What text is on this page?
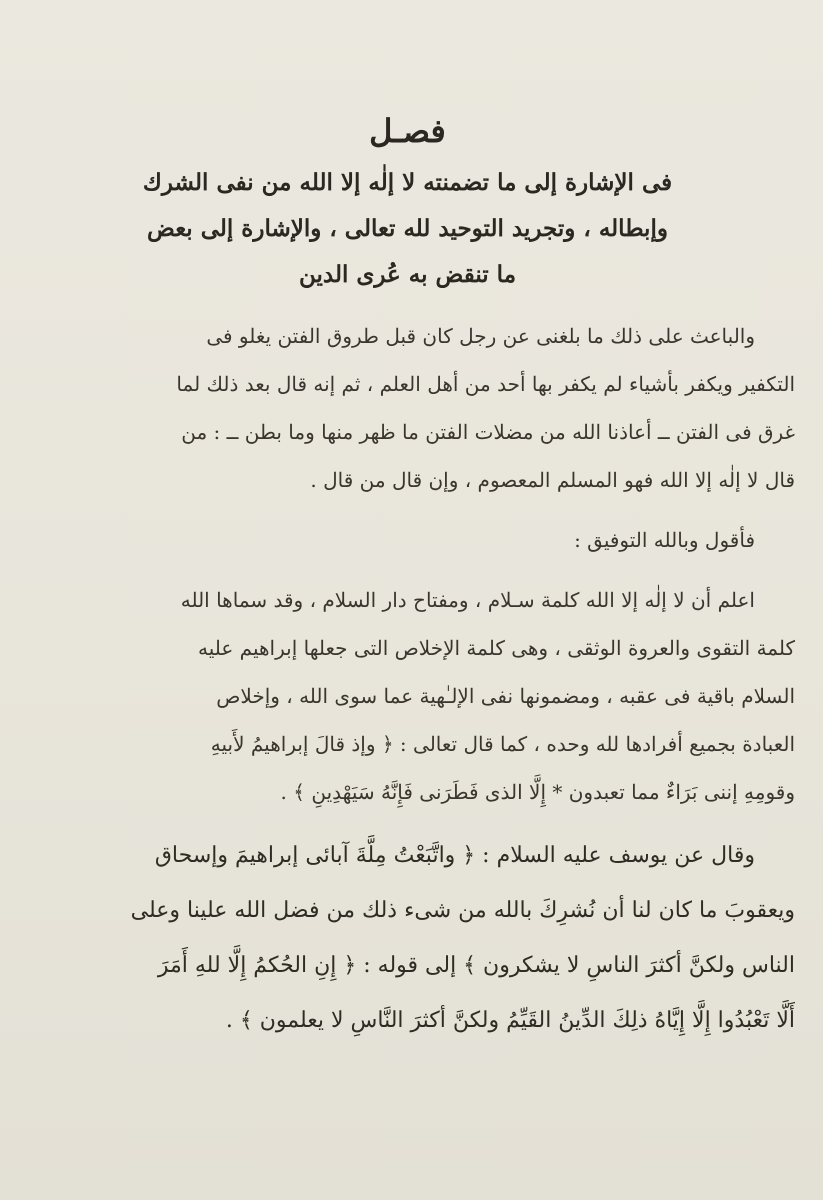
فصـل
فى الإشارة إلى ما تضمنته لا إلٰه إلا الله من نفى الشرك
وإبطاله ، وتجريد التوحيد لله تعالى ، والإشارة إلى بعض
ما تنقض به عُرى الدين
والباعث على ذلك ما بلغنى عن رجل كان قبل طروق الفتن يغلو فى
التكفير ويكفر بأشياء لم يكفر بها أحد من أهل العلم ، ثم إنه قال بعد ذلك لما
غرق فى الفتن ــ أعاذنا الله من مضلات الفتن ما ظهر منها وما بطن ــ : من
قال لا إلٰه إلا الله فهو المسلم المعصوم ، وإن قال من قال .
فأقول وبالله التوفيق :
اعلم أن لا إلٰه إلا الله كلمة سـلام ، ومفتاح دار السلام ، وقد سماها الله
كلمة التقوى والعروة الوثقى ، وهى كلمة الإخلاص التى جعلها إبراهيم عليه
السلام باقية فى عقبه ، ومضمونها نفى الإلـٰهية عما سوى الله ، وإخلاص
العبادة بجميع أفرادها لله وحده ، كما قال تعالى : ﴿ وإذ قالَ إبراهيمُ لأَبيهِ
وقومِهِ إننى بَرَاءٌ مما تعبدون * إِلَّا الذى فَطَرَنى فَإِنَّهُ سَيَهْدِينِ ﴾ .
وقال عن يوسف عليه السلام : ﴿ واتَّبَعْتُ مِلَّةَ آبائى إبراهيمَ وإسحاق
ويعقوبَ ما كان لنا أن نُشرِكَ بالله من شىء ذلك من فضل الله علينا وعلى
الناس ولكنَّ أكثرَ الناسِ لا يشكرون ﴾ إلى قوله : ﴿ إِنِ الحُكمُ إِلَّا للهِ أَمَرَ
أَلَّا تَعْبُدُوا إِلَّا إِيَّاهُ ذلِكَ الدِّينُ القَيِّمُ ولكنَّ أكثرَ النَّاسِ لا يعلمون ﴾ .
